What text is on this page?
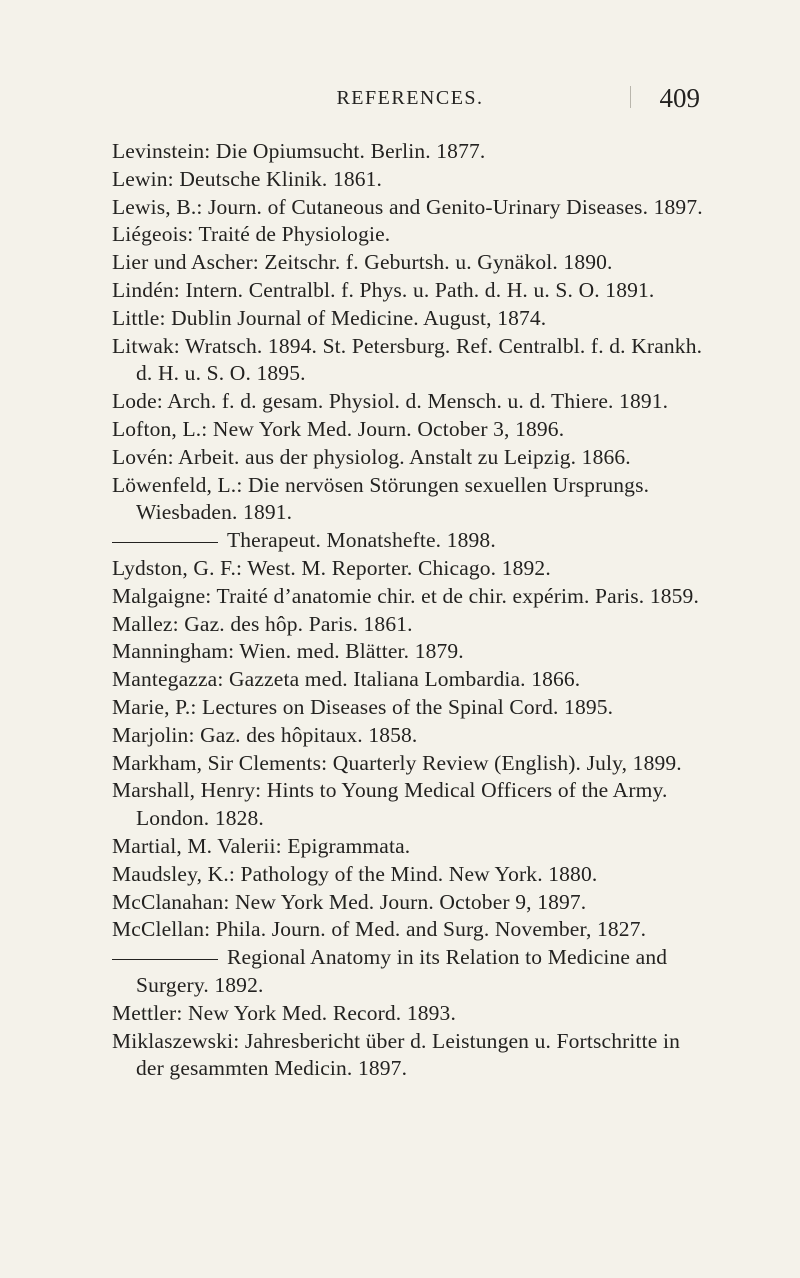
REFERENCES.	409
Levinstein: Die Opiumsucht. Berlin. 1877.
Lewin: Deutsche Klinik. 1861.
Lewis, B.: Journ. of Cutaneous and Genito-Urinary Diseases. 1897.
Liégeois: Traité de Physiologie.
Lier und Ascher: Zeitschr. f. Geburtsh. u. Gynäkol. 1890.
Lindén: Intern. Centralbl. f. Phys. u. Path. d. H. u. S. O. 1891.
Little: Dublin Journal of Medicine. August, 1874.
Litwak: Wratsch. 1894. St. Petersburg. Ref. Centralbl. f. d. Krankh. d. H. u. S. O. 1895.
Lode: Arch. f. d. gesam. Physiol. d. Mensch. u. d. Thiere. 1891.
Lofton, L.: New York Med. Journ. October 3, 1896.
Lovén: Arbeit. aus der physiolog. Anstalt zu Leipzig. 1866.
Löwenfeld, L.: Die nervösen Störungen sexuellen Ursprungs. Wiesbaden. 1891.
Therapeut. Monatshefte. 1898.
Lydston, G. F.: West. M. Reporter. Chicago. 1892.
Malgaigne: Traité d’anatomie chir. et de chir. expérim. Paris. 1859.
Mallez: Gaz. des hôp. Paris. 1861.
Manningham: Wien. med. Blätter. 1879.
Mantegazza: Gazzeta med. Italiana Lombardia. 1866.
Marie, P.: Lectures on Diseases of the Spinal Cord. 1895.
Marjolin: Gaz. des hôpitaux. 1858.
Markham, Sir Clements: Quarterly Review (English). July, 1899.
Marshall, Henry: Hints to Young Medical Officers of the Army. London. 1828.
Martial, M. Valerii: Epigrammata.
Maudsley, K.: Pathology of the Mind. New York. 1880.
McClanahan: New York Med. Journ. October 9, 1897.
McClellan: Phila. Journ. of Med. and Surg. November, 1827.
Regional Anatomy in its Relation to Medicine and Surgery. 1892.
Mettler: New York Med. Record. 1893.
Miklaszewski: Jahresbericht über d. Leistungen u. Fortschritte in der gesammten Medicin. 1897.
